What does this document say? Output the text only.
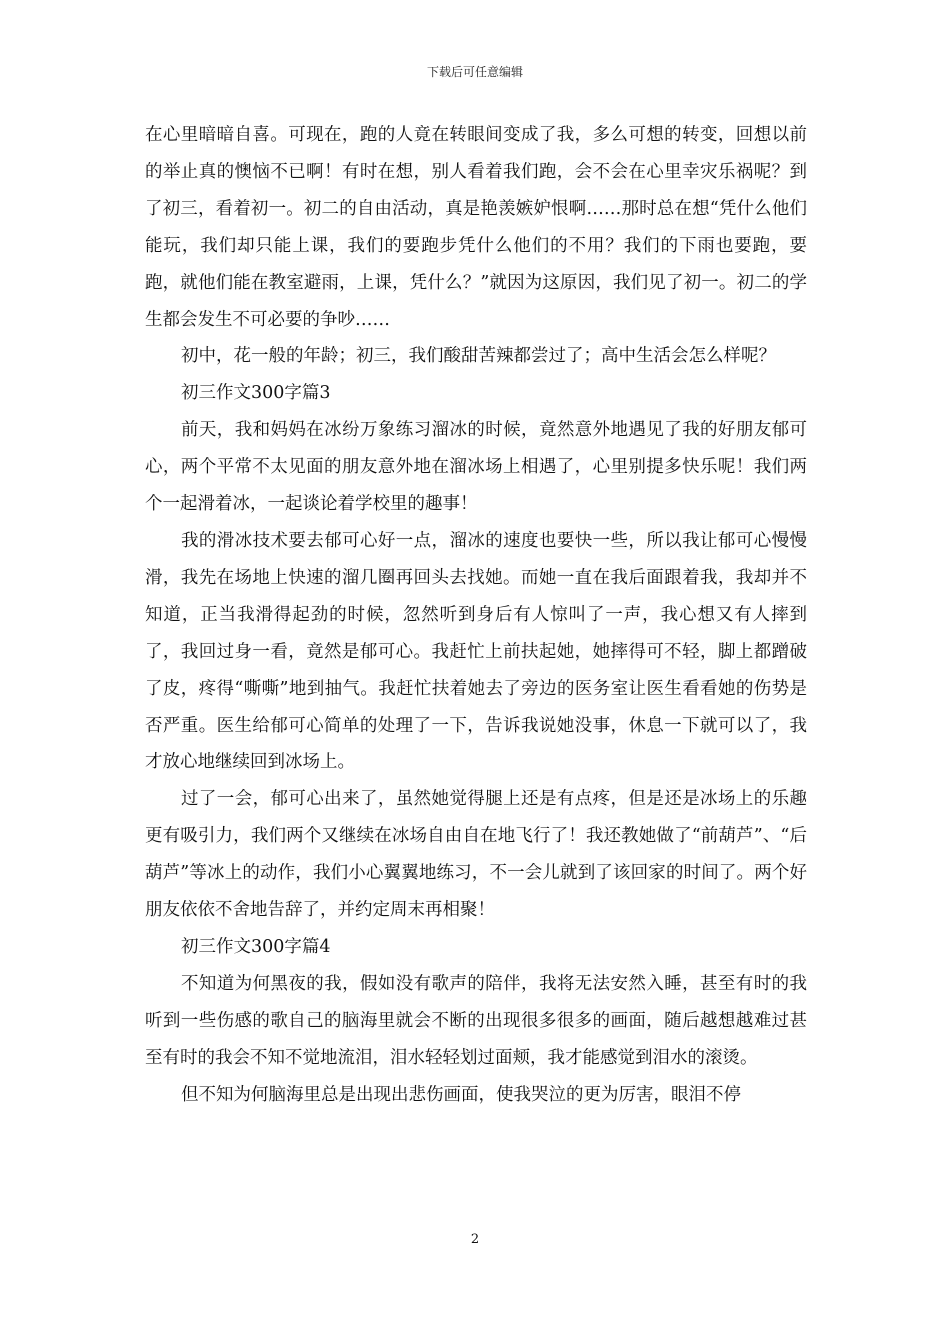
下载后可任意编辑

在心里暗暗自喜。可现在，跑的人竟在转眼间变成了我，多么可想的转变，回想以前的举止真的懊恼不已啊！有时在想，别人看着我们跑，会不会在心里幸灾乐祸呢？到了初三，看着初一。初二的自由活动，真是艳羡嫉妒恨啊……那时总在想“凭什么他们能玩，我们却只能上课，我们的要跑步凭什么他们的不用？我们的下雨也要跑，要跑，就他们能在教室避雨，上课，凭什么？”就因为这原因，我们见了初一。初二的学生都会发生不可必要的争吵……

初中，花一般的年龄；初三，我们酸甜苦辣都尝过了；高中生活会怎么样呢？

初三作文300字篇3

前天，我和妈妈在冰纷万象练习溜冰的时候，竟然意外地遇见了我的好朋友郁可心，两个平常不太见面的朋友意外地在溜冰场上相遇了，心里别提多快乐呢！我们两个一起滑着冰，一起谈论着学校里的趣事！

我的滑冰技术要去郁可心好一点，溜冰的速度也要快一些，所以我让郁可心慢慢滑，我先在场地上快速的溜几圈再回头去找她。而她一直在我后面跟着我，我却并不知道，正当我滑得起劲的时候，忽然听到身后有人惊叫了一声，我心想又有人摔到了，我回过身一看，竟然是郁可心。我赶忙上前扶起她，她摔得可不轻，脚上都蹭破了皮，疼得“嘶嘶”地到抽气。我赶忙扶着她去了旁边的医务室让医生看看她的伤势是否严重。医生给郁可心简单的处理了一下，告诉我说她没事，休息一下就可以了，我才放心地继续回到冰场上。

过了一会，郁可心出来了，虽然她觉得腿上还是有点疼，但是还是冰场上的乐趣更有吸引力，我们两个又继续在冰场自由自在地飞行了！我还教她做了“前葫芦”、“后葫芦”等冰上的动作，我们小心翼翼地练习，不一会儿就到了该回家的时间了。两个好朋友依依不舍地告辞了，并约定周末再相聚！

初三作文300字篇4

不知道为何黑夜的我，假如没有歌声的陪伴，我将无法安然入睡，甚至有时的我听到一些伤感的歌自己的脑海里就会不断的出现很多很多的画面，随后越想越难过甚至有时的我会不知不觉地流泪，泪水轻轻划过面颊，我才能感觉到泪水的滚烫。

但不知为何脑海里总是出现出悲伤画面，使我哭泣的更为厉害，眼泪不停

2
